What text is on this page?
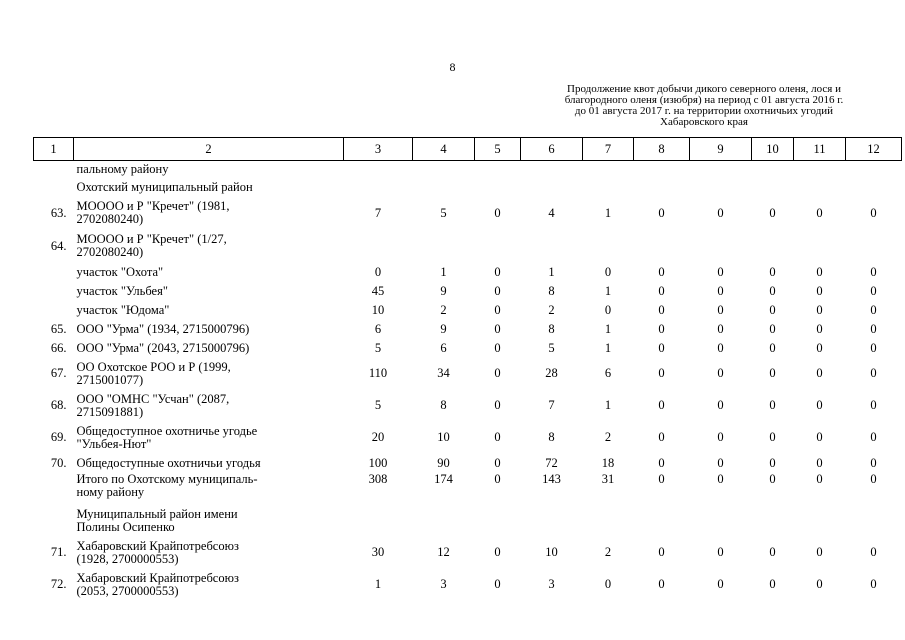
8
Продолжение квот добычи дикого северного оленя, лося и
благородного оленя (изюбря) на период с 01 августа 2016 г.
до 01 августа 2017 г. на территории охотничьих угодий
Хабаровского края
1	2	3	4	5	6	7	8	9	10	11	12

	пальному району										

	Охотский муниципальный район										

63.	МОООО и Р "Кречет" (1981,
2702080240)	7	5	0	4	1	0	0	0	0	0
64.	МОООО и Р "Кречет" (1/27,
2702080240)										

	участок "Охота"	0	1	0	1	0	0	0	0	0	0

	участок "Ульбея"	45	9	0	8	1	0	0	0	0	0

	участок "Юдома"	10	2	0	2	0	0	0	0	0	0
65.	ООО "Урма" (1934, 2715000796)	6	9	0	8	1	0	0	0	0	0
66.	ООО "Урма" (2043, 2715000796)	5	6	0	5	1	0	0	0	0	0
67.	ОО Охотское РОО и Р (1999,
2715001077)	110	34	0	28	6	0	0	0	0	0
68.	ООО "ОМНС "Усчан" (2087,
2715091881)	5	8	0	7	1	0	0	0	0	0
69.	Общедоступное охотничье угодье
"Ульбея-Нют"	20	10	0	8	2	0	0	0	0	0
70.	Общедоступные охотничьи угодья	100	90	0	72	18	0	0	0	0	0

	Итого по Охотскому муниципаль-
ному району	308	174	0	143	31	0	0	0	0	0

	Муниципальный район имени
Полины Осипенко										

71.	Хабаровский Крайпотребсоюз
(1928, 2700000553)	30	12	0	10	2	0	0	0	0	0
72.	Хабаровский Крайпотребсоюз
(2053, 2700000553)	1	3	0	3	0	0	0	0	0	0
